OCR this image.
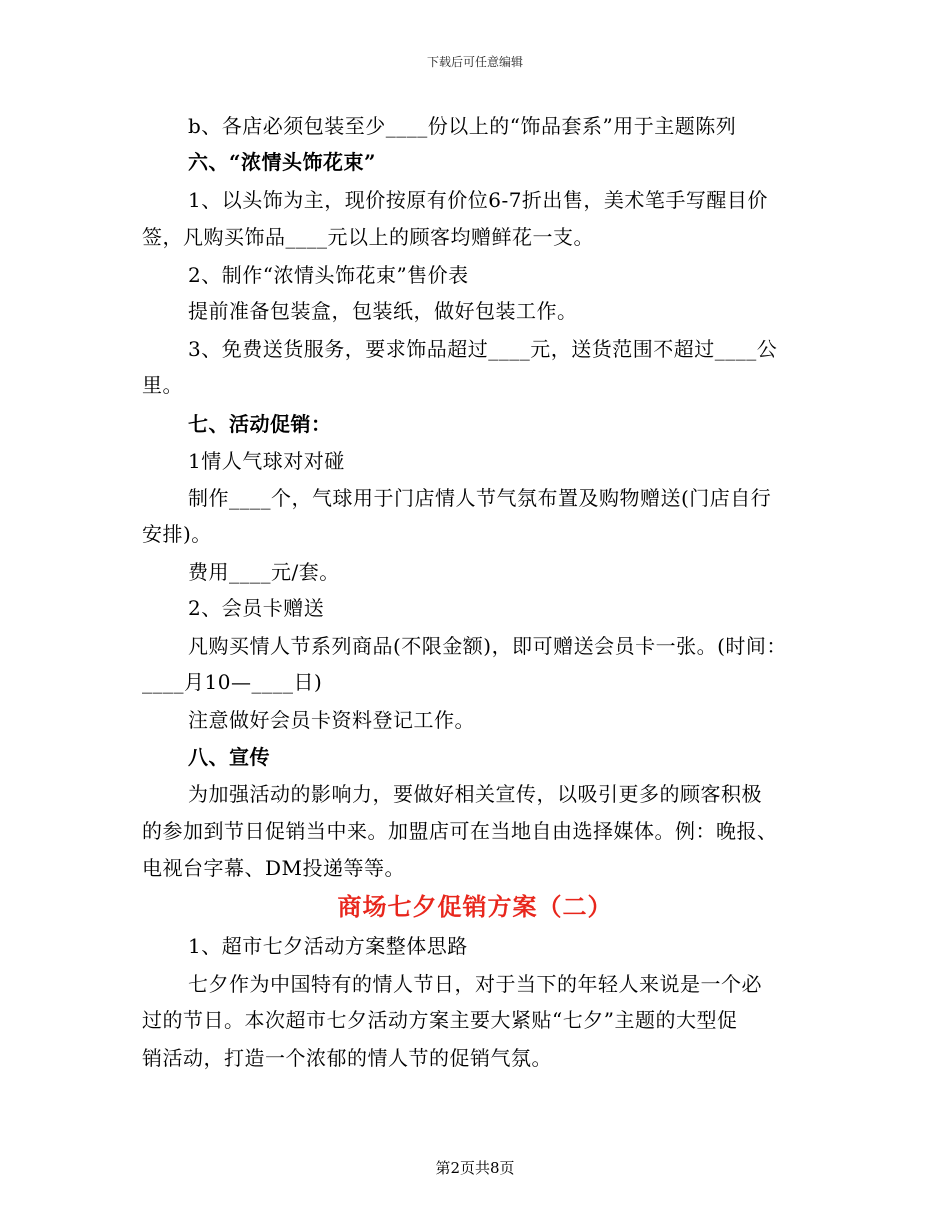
下载后可任意编辑
b、各店必须包装至少____份以上的“饰品套系”用于主题陈列
六、“浓情头饰花束”
1、以头饰为主，现价按原有价位6-7折出售，美术笔手写醒目价
签，凡购买饰品____元以上的顾客均赠鲜花一支。
2、制作“浓情头饰花束”售价表
提前准备包装盒，包装纸，做好包装工作。
3、免费送货服务，要求饰品超过____元，送货范围不超过____公
里。
七、活动促销：
1情人气球对对碰
制作____个，气球用于门店情人节气氛布置及购物赠送(门店自行
安排)。
费用____元/套。
2、会员卡赠送
凡购买情人节系列商品(不限金额)，即可赠送会员卡一张。(时间：
____月10—____日)
注意做好会员卡资料登记工作。
八、宣传
为加强活动的影响力，要做好相关宣传，以吸引更多的顾客积极
的参加到节日促销当中来。加盟店可在当地自由选择媒体。例：晚报、
电视台字幕、DM投递等等。
商场七夕促销方案（二）
1、超市七夕活动方案整体思路
七夕作为中国特有的情人节日，对于当下的年轻人来说是一个必
过的节日。本次超市七夕活动方案主要大紧贴“七夕”主题的大型促
销活动，打造一个浓郁的情人节的促销气氛。
第2页共8页
